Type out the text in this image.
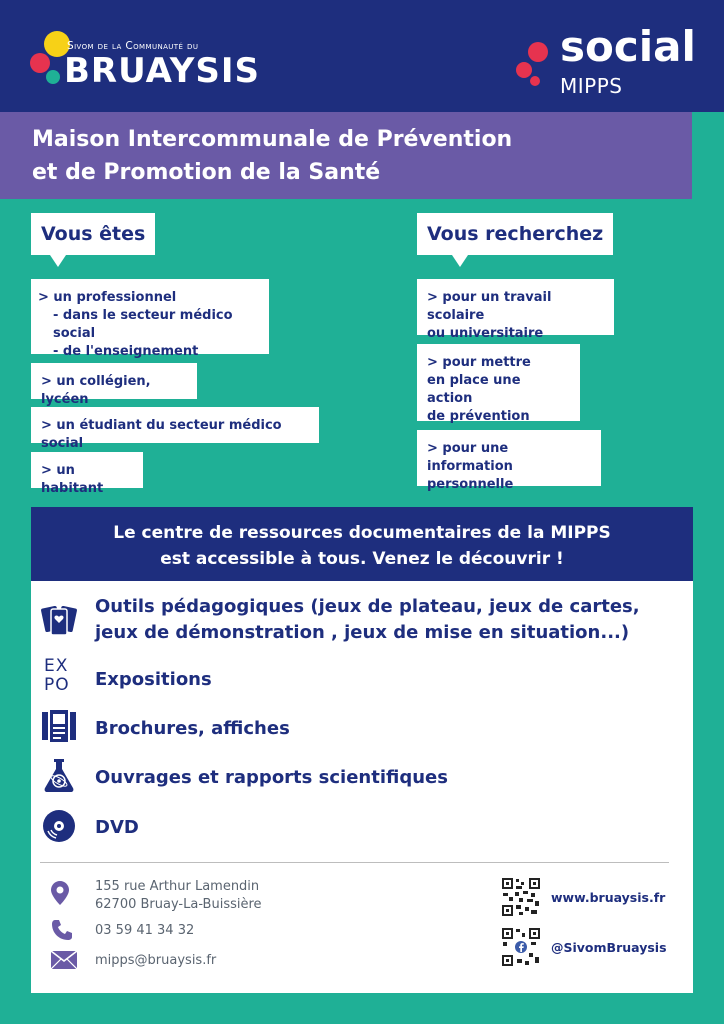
Sivom de la Communauté du
BRUAYSIS	social
MIPPS
Maison Intercommunale de Prévention
et de Promotion de la Santé
Vous êtes
> un professionnel
- dans le secteur médico social
- de l'enseignement
> un collégien, lycéen
> un étudiant du secteur médico social
> un habitant
Vous recherchez
> pour un travail scolaire
ou universitaire
> pour mettre
en place une action
de prévention
> pour une information
personnelle
Le centre de ressources documentaires de la MIPPS
est accessible à tous. Venez le découvrir !
Outils pédagogiques (jeux de plateau, jeux de cartes,
jeux de démonstration , jeux de mise en situation...)
EX
PO Expositions
Brochures, affiches
Ouvrages et rapports scientifiques
DVD
155 rue Arthur Lamendin
62700 Bruay-La-Buissière
03 59 41 34 32
mipps@bruaysis.fr
www.bruaysis.fr
@SivomBruaysis
